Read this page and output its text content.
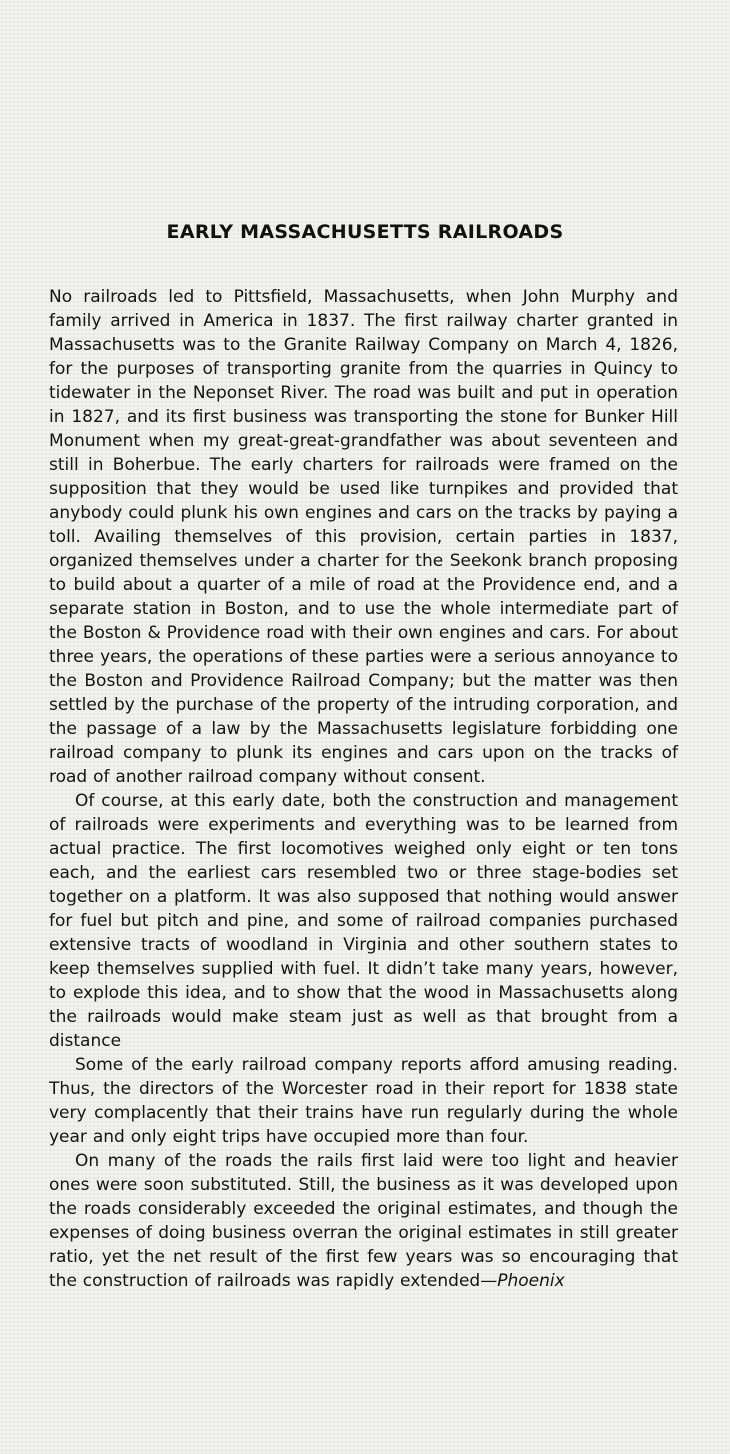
EARLY MASSACHUSETTS RAILROADS

No railroads led to Pittsfield, Massachusetts, when John Murphy and family arrived in America in 1837. The first railway charter granted in Massachusetts was to the Granite Railway Company on March 4, 1826, for the purposes of transporting granite from the quarries in Quincy to tidewater in the Neponset River. The road was built and put in operation in 1827, and its first business was transporting the stone for Bunker Hill Monument when my great-great-grandfather was about seventeen and still in Boherbue. The early charters for railroads were framed on the supposition that they would be used like turnpikes and provided that anybody could plunk his own engines and cars on the tracks by paying a toll. Availing themselves of this provision, certain parties in 1837, organized themselves under a charter for the Seekonk branch proposing to build about a quarter of a mile of road at the Providence end, and a separate station in Boston, and to use the whole intermediate part of the Boston & Providence road with their own engines and cars. For about three years, the operations of these parties were a serious annoyance to the Boston and Providence Railroad Company; but the matter was then settled by the purchase of the property of the intruding corporation, and the passage of a law by the Massachusetts legislature forbidding one railroad company to plunk its engines and cars upon on the tracks of road of another railroad company without consent.

Of course, at this early date, both the construction and management of railroads were experiments and everything was to be learned from actual practice. The first locomotives weighed only eight or ten tons each, and the earliest cars resembled two or three stage-bodies set together on a platform. It was also supposed that nothing would answer for fuel but pitch and pine, and some of railroad companies purchased extensive tracts of woodland in Virginia and other southern states to keep themselves supplied with fuel. It didn’t take many years, however, to explode this idea, and to show that the wood in Massachusetts along the railroads would make steam just as well as that brought from a distance

Some of the early railroad company reports afford amusing reading. Thus, the directors of the Worcester road in their report for 1838 state very complacently that their trains have run regularly during the whole year and only eight trips have occupied more than four.

On many of the roads the rails first laid were too light and heavier ones were soon substituted. Still, the business as it was developed upon the roads considerably exceeded the original estimates, and though the expenses of doing business overran the original estimates in still greater ratio, yet the net result of the first few years was so encouraging that the construction of railroads was rapidly extended—Phoenix
